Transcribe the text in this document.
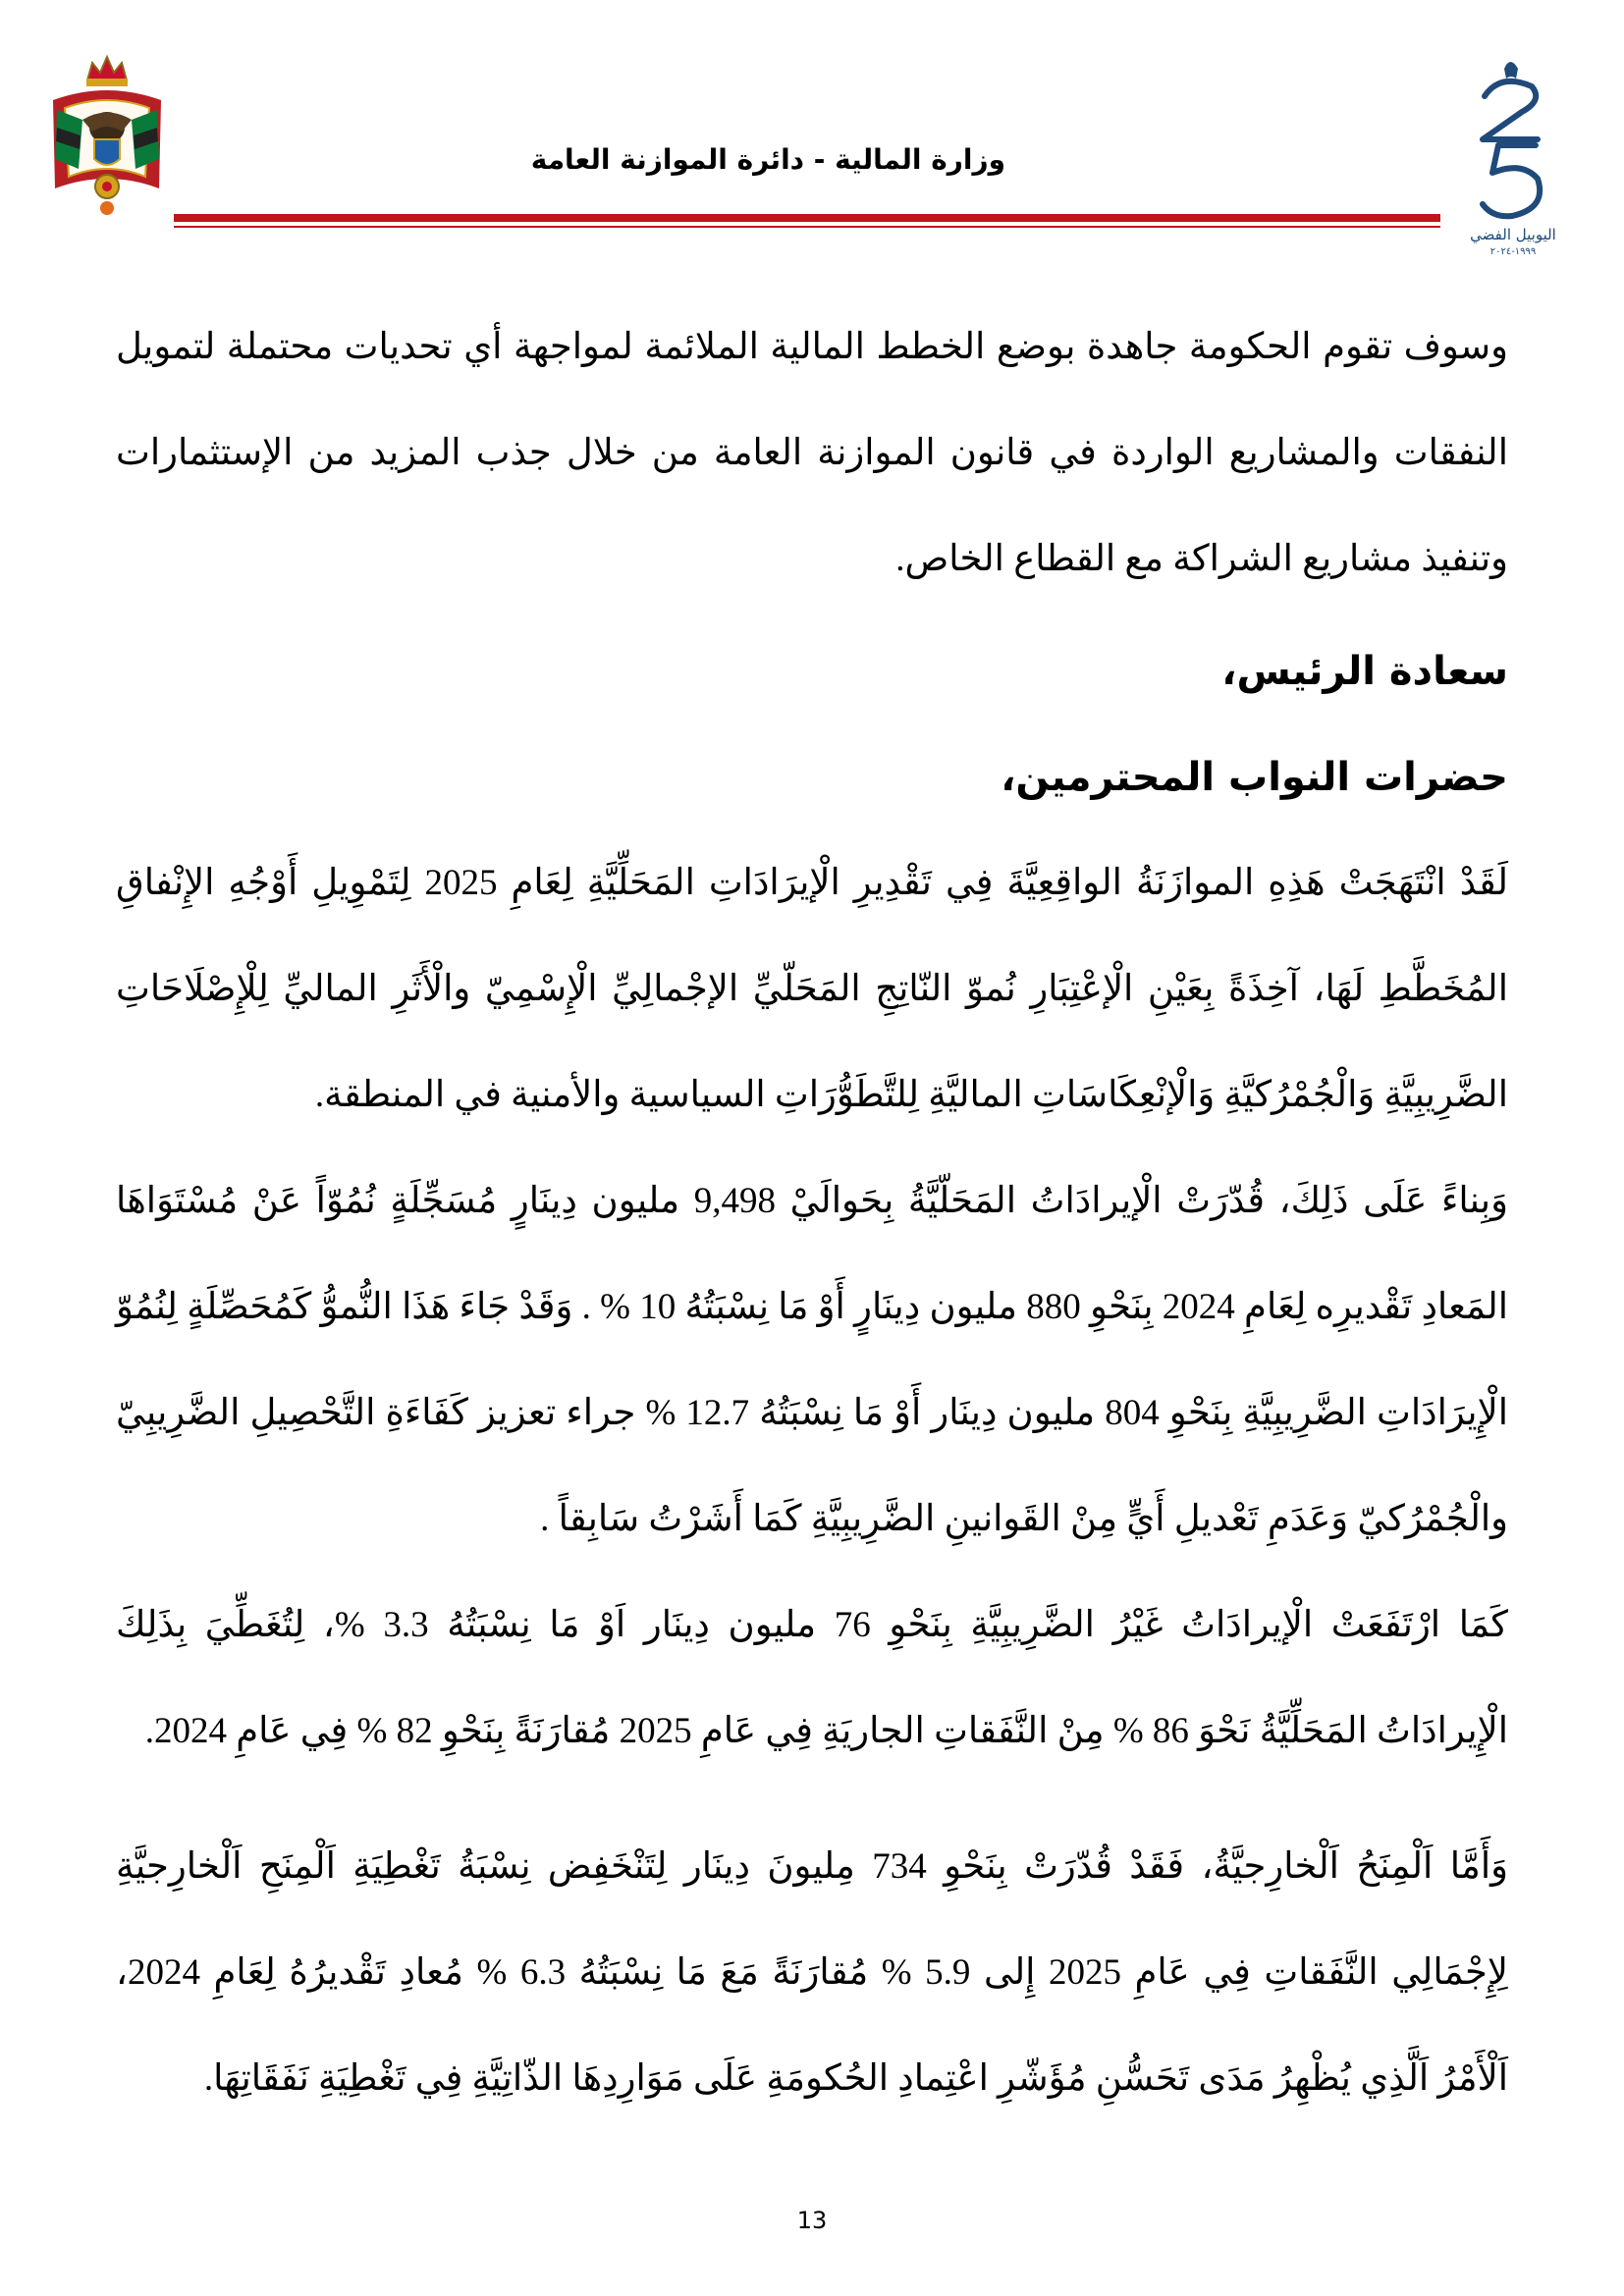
وزارة المالية - دائرة الموازنة العامة
اليوبيل الفضي
١٩٩٩-٢٠٢٤

وسوف تقوم الحكومة جاهدة بوضع الخطط المالية الملائمة لمواجهة أي تحديات محتملة لتمويل النفقات والمشاريع الواردة في قانون الموازنة العامة من خلال جذب المزيد من الإستثمارات وتنفيذ مشاريع الشراكة مع القطاع الخاص.

سعادة الرئيس،
حضرات النواب المحترمين،

لَقَدْ انْتَهَجَتْ هَذِهِ الموازَنَةُ الواقِعِيَّةَ فِي تَقْدِيرِ الْإيرَادَاتِ المَحَلِّيَّةِ لِعَامِ 2025 لِتَمْوِيلِ أَوْجُهِ الإِنْفاقِ المُخَطَّطِ لَهَا، آخِذَةً بِعَيْنِ الْإعْتِبَارِ نُموّ النّاتِجِ المَحَلّيِّ الإجْمالِيِّ الْإِسْمِيّ والْأَثَرِ الماليِّ لِلْإِصْلَاحَاتِ الضَّرِيبِيَّةِ وَالْجُمْرُكيَّةِ وَالْإنْعِكَاسَاتِ الماليَّةِ لِلتَّطَوُّرَاتِ السياسية والأمنية في المنطقة.

وَبِناءً عَلَى ذَلِكَ، قُدّرَتْ الْإيرادَاتُ المَحَلّيَّةُ بِحَوالَيْ 9,498 مليون دِينَارٍ مُسَجِّلَةٍ نُمُوّاً عَنْ مُسْتَوَاهَا المَعادِ تَقْديرِه لِعَامِ 2024 بِنَحْوِ 880 مليون دِينَارٍ أَوْ مَا نِسْبَتُهُ 10 % . وَقَدْ جَاءَ هَذَا النُّموُّ كَمُحَصِّلَةٍ لِنُمُوّ الْإِيرَادَاتِ الضَّرِيبِيَّةِ بِنَحْوِ 804 مليون دِينَار أَوْ مَا نِسْبَتُهُ 12.7 % جراء تعزيز كَفَاءَةِ التَّحْصِيلِ الضَّرِيبِيّ والْجُمْرُكيّ وَعَدَمِ تَعْديلِ أَيٍّ مِنْ القَوانينِ الضَّرِيبِيَّةِ كَمَا أَشَرْتُ سَابِقاً .

كَمَا ارْتَفَعَتْ الْإيرادَاتُ غَيْرُ الضَّرِيبِيَّةِ بِنَحْوِ 76 مليون دِينَار اَوْ مَا نِسْبَتُهُ 3.3 %، لِتُغَطِّيَ بِذَلِكَ الْإِيرادَاتُ المَحَلِّيَّةُ نَحْوَ 86 % مِنْ النَّفَقاتِ الجاريَةِ فِي عَامِ 2025 مُقارَنَةً بِنَحْوِ 82 % فِي عَامِ 2024.

وَأَمَّا اَلْمِنَحُ اَلْخارِجيَّةُ، فَقَدْ قُدّرَتْ بِنَحْوِ 734 مِليونَ دِينَار لِتَنْخَفِض نِسْبَةُ تَغْطِيَةِ اَلْمِنَحِ اَلْخارِجيَّةِ لِإِجْمَالِي النَّفَقاتِ فِي عَامِ 2025 إِلى 5.9 % مُقارَنَةً مَعَ مَا نِسْبَتُهُ 6.3 % مُعادِ تَقْديرُهُ لِعَامِ 2024، اَلْأَمْرُ اَلَّذِي يُظْهِرُ مَدَى تَحَسُّنِ مُؤَشّرِ اعْتِمادِ الحُكومَةِ عَلَى مَوَارِدِهَا الذّاتِيَّةِ فِي تَغْطِيَةِ نَفَقَاتِهَا.

13
